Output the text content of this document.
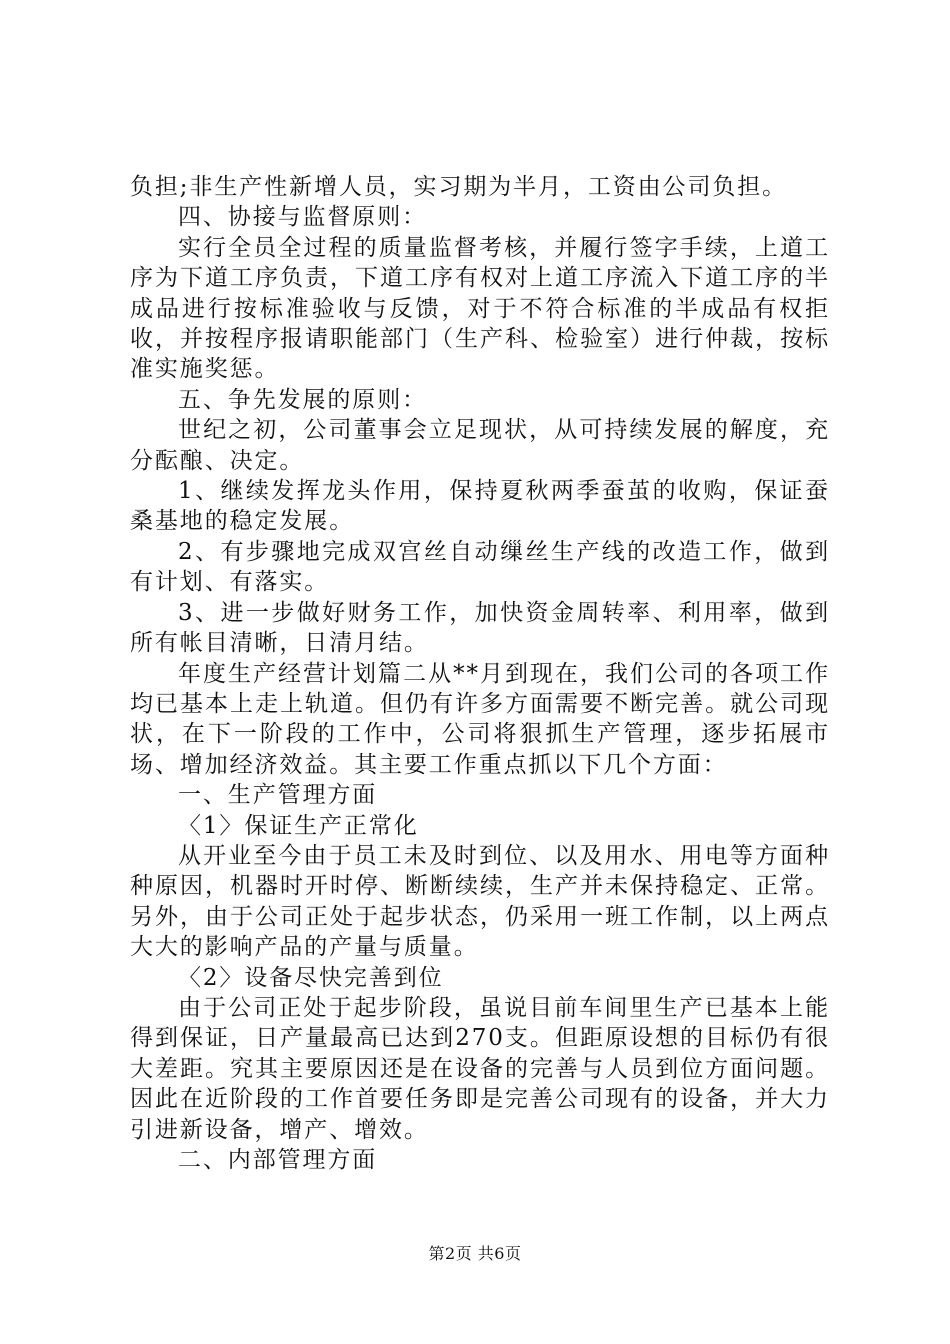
负担;非生产性新增人员，实习期为半月，工资由公司负担。

四、协接与监督原则：

实行全员全过程的质量监督考核，并履行签字手续，上道工序为下道工序负责，下道工序有权对上道工序流入下道工序的半成品进行按标准验收与反馈，对于不符合标准的半成品有权拒收，并按程序报请职能部门（生产科、检验室）进行仲裁，按标准实施奖惩。

五、争先发展的原则：

世纪之初，公司董事会立足现状，从可持续发展的解度，充分酝酿、决定。

1、继续发挥龙头作用，保持夏秋两季蚕茧的收购，保证蚕桑基地的稳定发展。

2、有步骤地完成双宫丝自动缫丝生产线的改造工作，做到有计划、有落实。

3、进一步做好财务工作，加快资金周转率、利用率，做到所有帐目清晰，日清月结。

年度生产经营计划篇二从**月到现在，我们公司的各项工作均已基本上走上轨道。但仍有许多方面需要不断完善。就公司现状，在下一阶段的工作中，公司将狠抓生产管理，逐步拓展市场、增加经济效益。其主要工作重点抓以下几个方面：

一、生产管理方面

〈1〉保证生产正常化

从开业至今由于员工未及时到位、以及用水、用电等方面种种原因，机器时开时停、断断续续，生产并未保持稳定、正常。另外，由于公司正处于起步状态，仍采用一班工作制，以上两点大大的影响产品的产量与质量。

〈2〉设备尽快完善到位

由于公司正处于起步阶段，虽说目前车间里生产已基本上能得到保证，日产量最高已达到270支。但距原设想的目标仍有很大差距。究其主要原因还是在设备的完善与人员到位方面问题。因此在近阶段的工作首要任务即是完善公司现有的设备，并大力引进新设备，增产、增效。

二、内部管理方面

第2页 共6页
